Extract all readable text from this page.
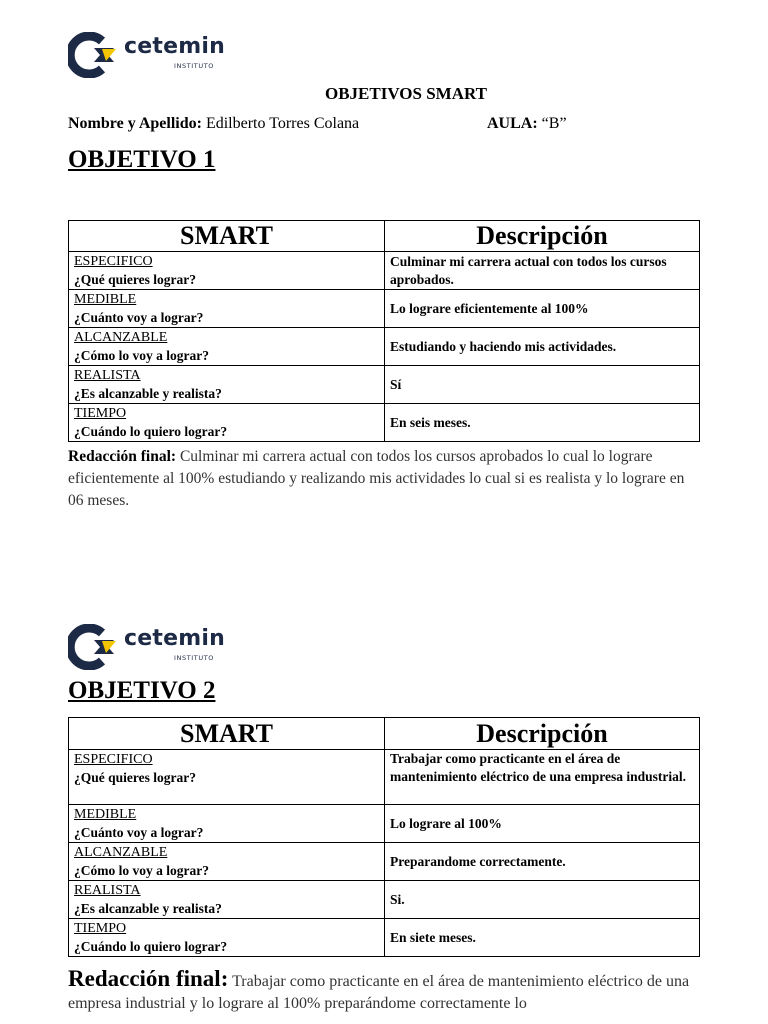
cetemin
INSTITUTO
OBJETIVOS SMART
Nombre y Apellido: Edilberto Torres Colana	AULA: “B”
OBJETIVO 1
SMART	Descripción

ESPECIFICO
¿Qué quieres lograr?	Culminar mi carrera actual con todos los cursos aprobados.

MEDIBLE
¿Cuánto voy a lograr?	Lo lograre eficientemente al 100%

ALCANZABLE
¿Cómo lo voy a lograr?	Estudiando y haciendo mis actividades.

REALISTA
¿Es alcanzable y realista?	Sí

TIEMPO
¿Cuándo lo quiero lograr?	En seis meses.
Redacción final: Culminar mi carrera actual con todos los cursos aprobados lo cual lo lograre eficientemente al 100% estudiando y realizando mis actividades lo cual si es realista y lo lograre en 06 meses.
cetemin
INSTITUTO
OBJETIVO 2
SMART	Descripción

ESPECIFICO
¿Qué quieres lograr?	Trabajar como practicante en el área de mantenimiento eléctrico de una empresa industrial.

MEDIBLE
¿Cuánto voy a lograr?	Lo lograre al 100%

ALCANZABLE
¿Cómo lo voy a lograr?	Preparandome correctamente.

REALISTA
¿Es alcanzable y realista?	Si.

TIEMPO
¿Cuándo lo quiero lograr?	En siete meses.
Redacción final: Trabajar como practicante en el área de mantenimiento eléctrico de una empresa industrial y lo lograre al 100% preparándome correctamente lo
